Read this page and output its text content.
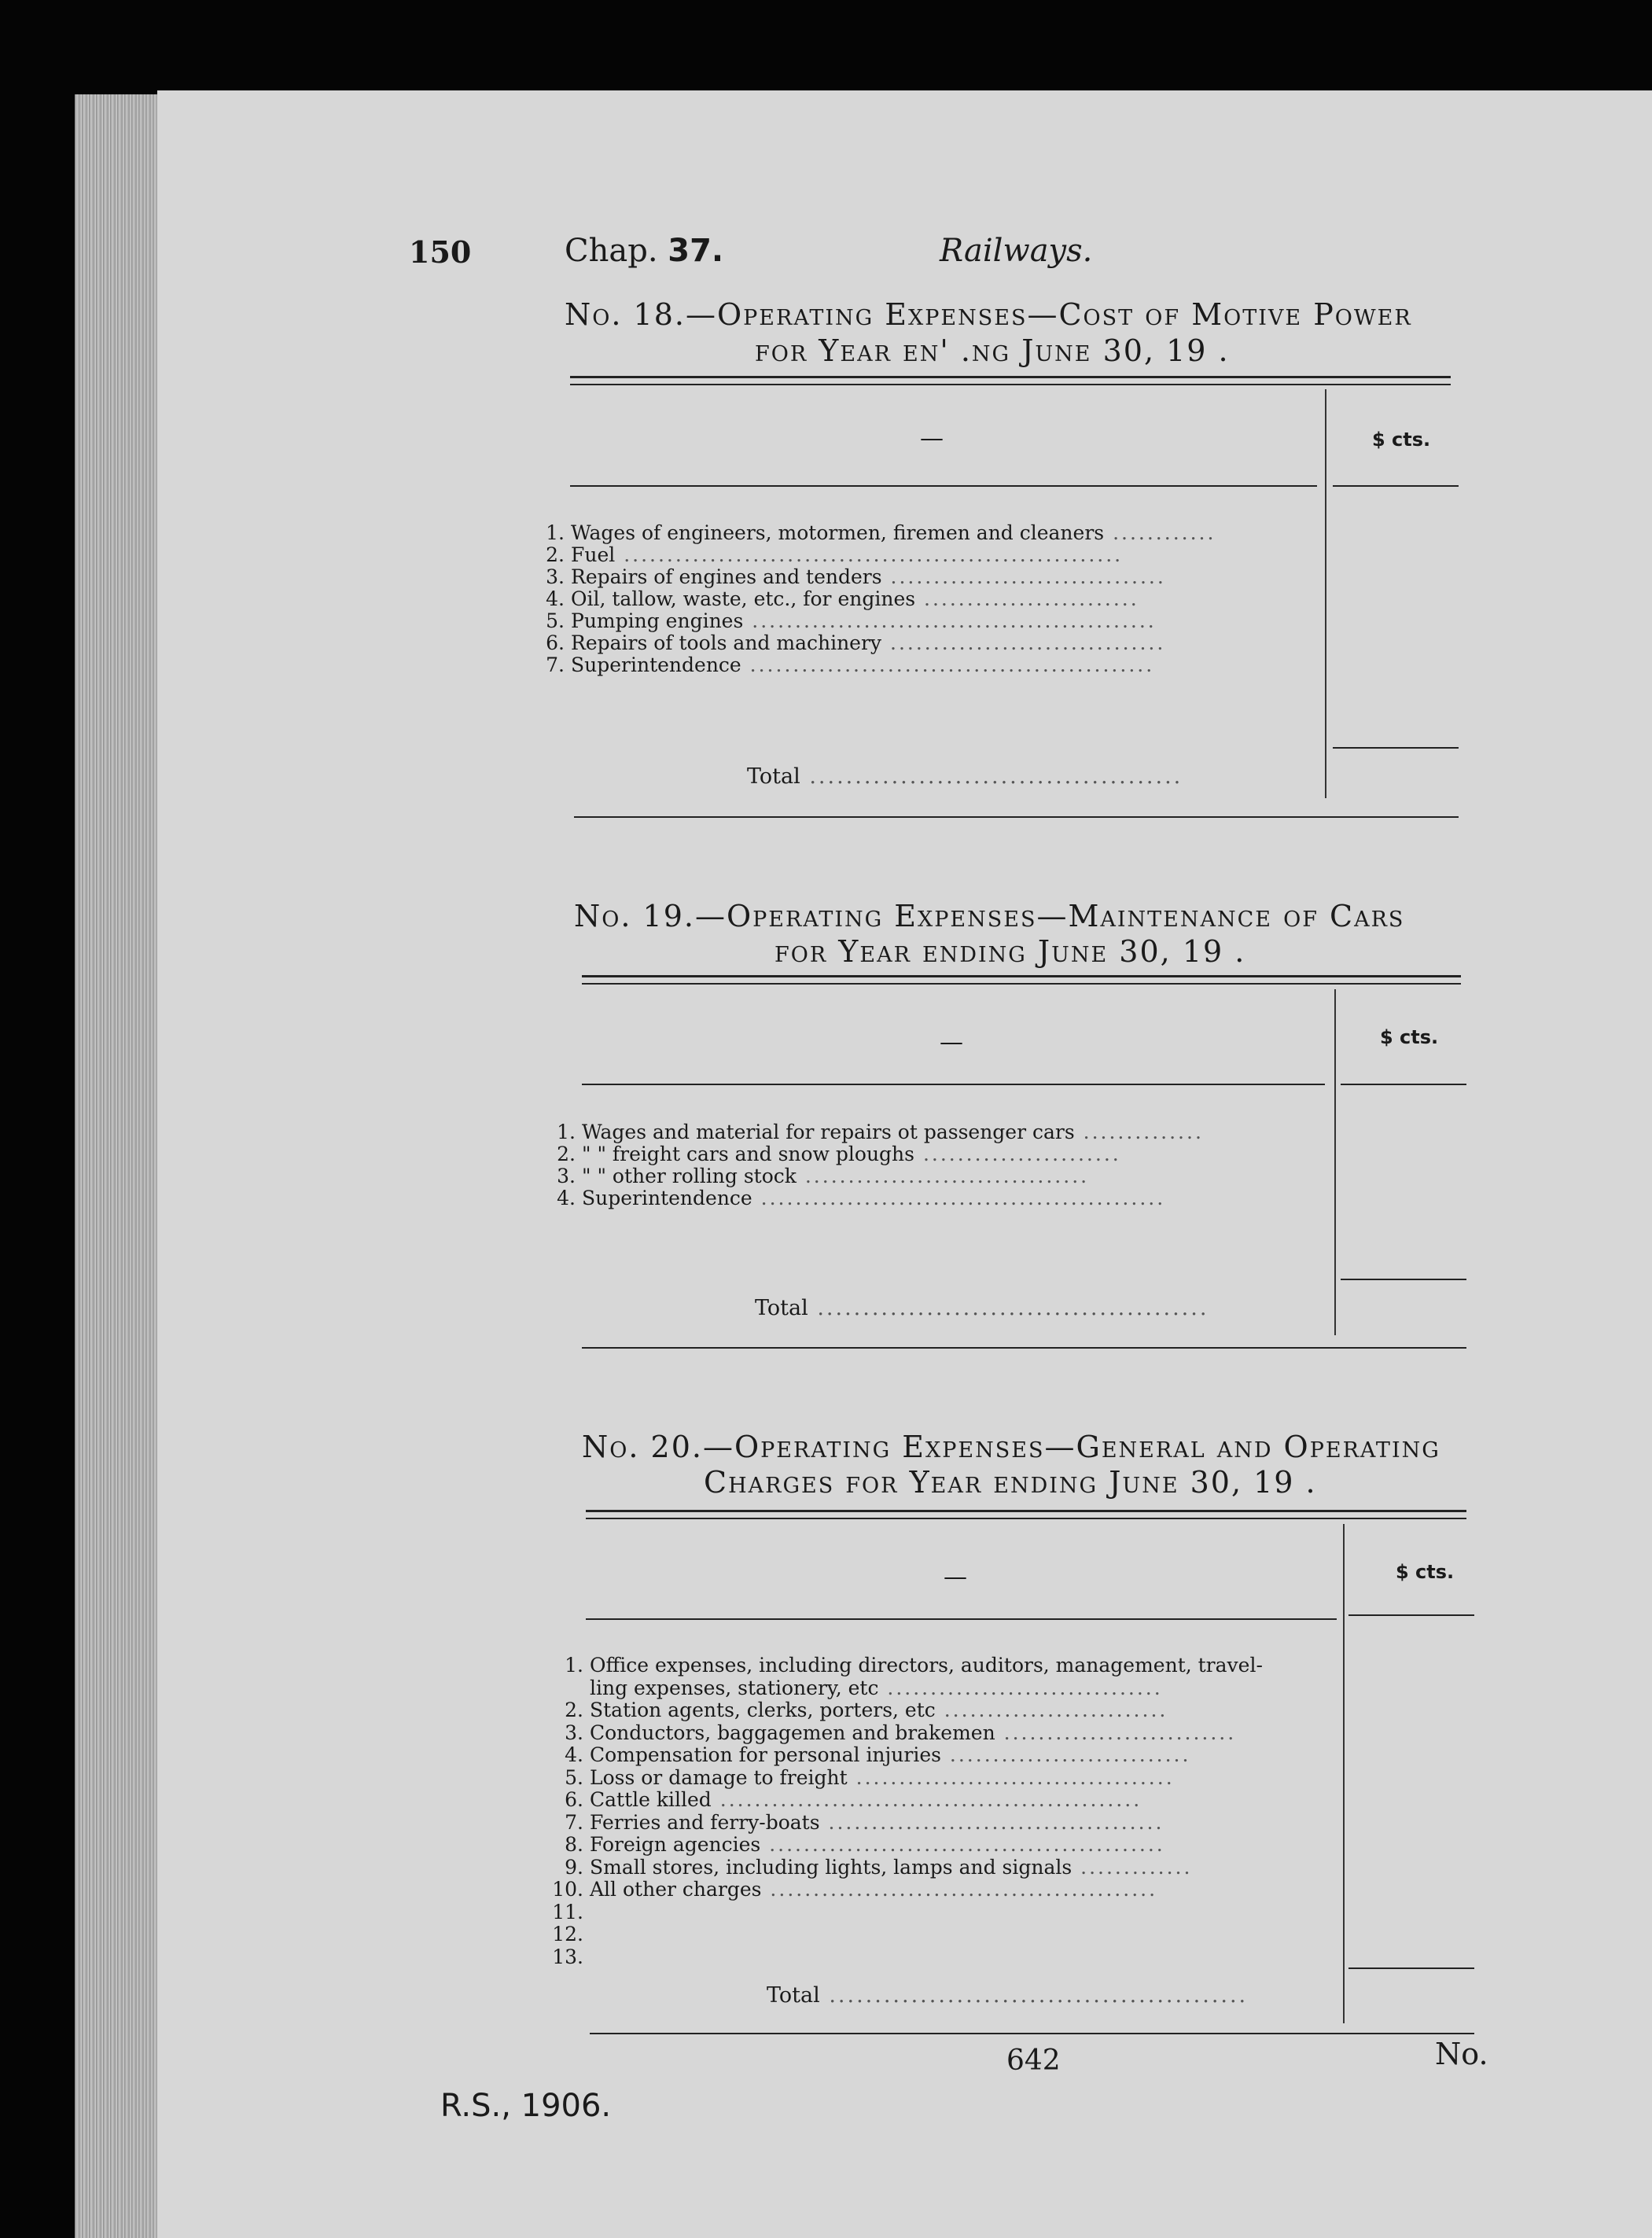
150	Chap. 37.	Railways.
No. 18.—Operating Expenses—Cost of Motive Power
for Year en' .ng June 30, 19 .
—	$ cts.
1. Wages of engineers, motormen, firemen and cleaners ............
2. Fuel ..........................................................
3. Repairs of engines and tenders ................................
4. Oil, tallow, waste, etc., for engines .........................
5. Pumping engines ...............................................
6. Repairs of tools and machinery ................................
7. Superintendence ...............................................
Total .........................................
No. 19.—Operating Expenses—Maintenance of Cars
for Year ending June 30, 19 .
—	$ cts.
1. Wages and material for repairs ot passenger cars ..............
2. " " freight cars and snow ploughs .......................
3. " " other rolling stock .................................
4. Superintendence ...............................................
Total ...........................................
No. 20.—Operating Expenses—General and Operating
Charges for Year ending June 30, 19 .
—	$ cts.
1. Office expenses, including directors, auditors, management, travel-
ling expenses, stationery, etc ................................
2. Station agents, clerks, porters, etc ..........................
3. Conductors, baggagemen and brakemen ...........................
4. Compensation for personal injuries ............................
5. Loss or damage to freight .....................................
6. Cattle killed .................................................
7. Ferries and ferry-boats .......................................
8. Foreign agencies ..............................................
9. Small stores, including lights, lamps and signals .............
10. All other charges .............................................
11.
12.
13.
Total ..............................................
642	No.
R.S., 1906.
